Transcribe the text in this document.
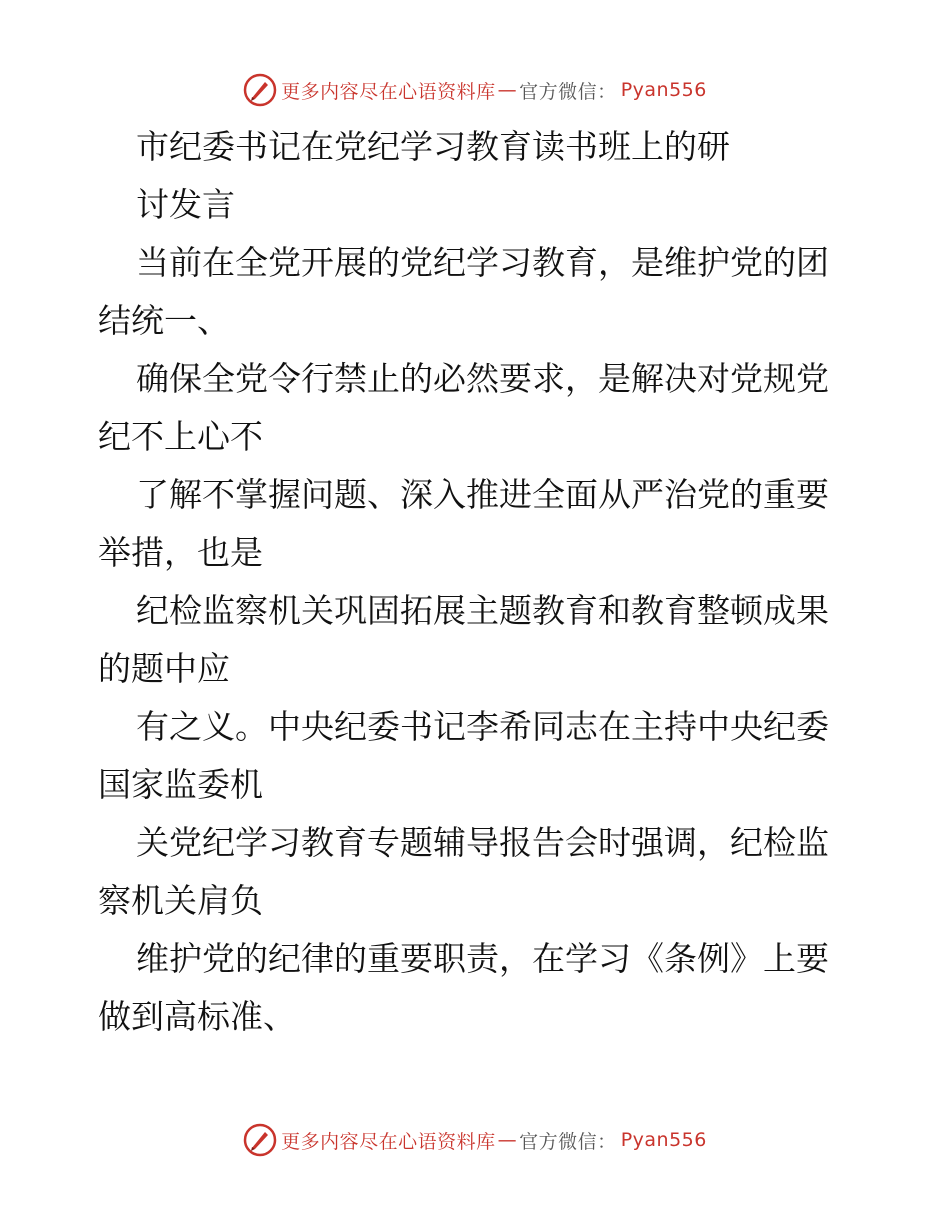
更多内容尽在心语资料库 — 官方微信 ： Pyan556
市纪委书记在党纪学习教育读书班上的研
讨发言
当前在全党开展的党纪学习教育，是维护党的团
结统一、
确保全党令行禁止的必然要求，是解决对党规党
纪不上心不
了解不掌握问题、深入推进全面从严治党的重要
举措，也是
纪检监察机关巩固拓展主题教育和教育整顿成果
的题中应
有之义。中央纪委书记李希同志在主持中央纪委
国家监委机
关党纪学习教育专题辅导报告会时强调，纪检监
察机关肩负
维护党的纪律的重要职责，在学习《条例》上要
做到高标准、
更多内容尽在心语资料库 — 官方微信 ： Pyan556
